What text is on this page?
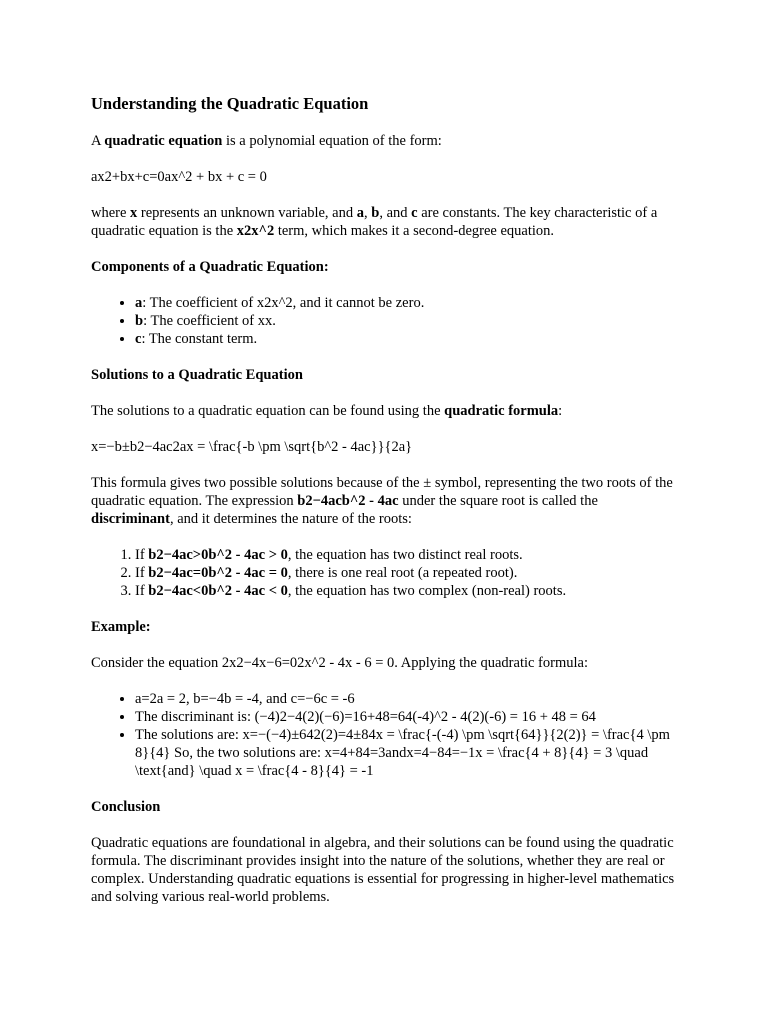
Understanding the Quadratic Equation

A quadratic equation is a polynomial equation of the form:

ax2+bx+c=0ax^2 + bx + c = 0

where x represents an unknown variable, and a, b, and c are constants. The key characteristic of a quadratic equation is the x2x^2 term, which makes it a second-degree equation.

Components of a Quadratic Equation:

• a: The coefficient of x2x^2, and it cannot be zero.
• b: The coefficient of xx.
• c: The constant term.

Solutions to a Quadratic Equation

The solutions to a quadratic equation can be found using the quadratic formula:

x=−b±b2−4ac2ax = \frac{-b \pm \sqrt{b^2 - 4ac}}{2a}

This formula gives two possible solutions because of the ± symbol, representing the two roots of the quadratic equation. The expression b2−4acb^2 - 4ac under the square root is called the discriminant, and it determines the nature of the roots:

1. If b2−4ac>0b^2 - 4ac > 0, the equation has two distinct real roots.
2. If b2−4ac=0b^2 - 4ac = 0, there is one real root (a repeated root).
3. If b2−4ac<0b^2 - 4ac < 0, the equation has two complex (non-real) roots.

Example:

Consider the equation 2x2−4x−6=02x^2 - 4x - 6 = 0. Applying the quadratic formula:

• a=2a = 2, b=−4b = -4, and c=−6c = -6
• The discriminant is: (−4)2−4(2)(−6)=16+48=64(-4)^2 - 4(2)(-6) = 16 + 48 = 64
• The solutions are: x=−(−4)±642(2)=4±84x = \frac{-(-4) \pm \sqrt{64}}{2(2)} = \frac{4 \pm 8}{4} So, the two solutions are: x=4+84=3andx=4−84=−1x = \frac{4 + 8}{4} = 3 \quad \text{and} \quad x = \frac{4 - 8}{4} = -1

Conclusion

Quadratic equations are foundational in algebra, and their solutions can be found using the quadratic formula. The discriminant provides insight into the nature of the solutions, whether they are real or complex. Understanding quadratic equations is essential for progressing in higher-level mathematics and solving various real-world problems.
